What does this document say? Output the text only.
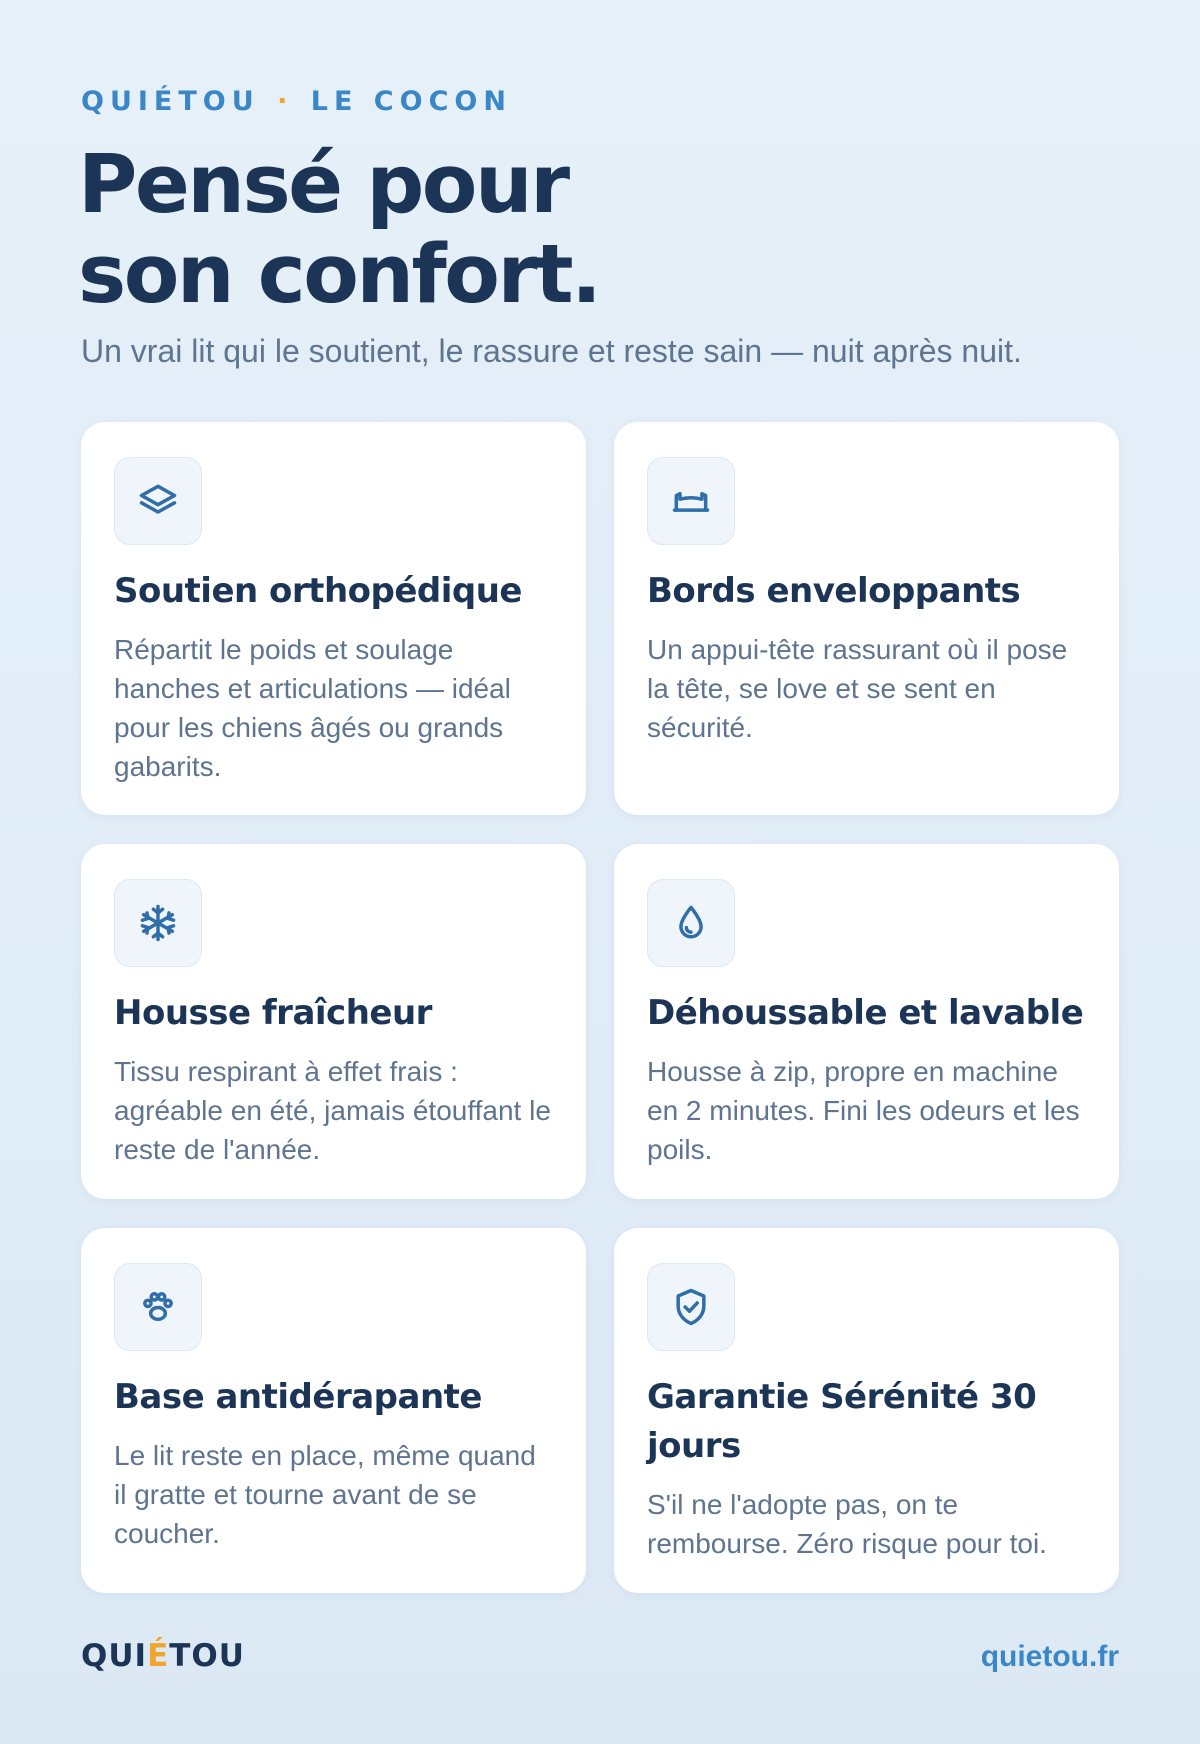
QUIÉTOU · LE COCON
Pensé pour
son confort.

Un vrai lit qui le soutient, le rassure et reste sain — nuit après nuit.

Soutien orthopédique

Répartit le poids et soulage hanches et articulations — idéal pour les chiens âgés ou grands gabarits.

Bords enveloppants

Un appui-tête rassurant où il pose la tête, se love et se sent en sécurité.

Housse fraîcheur

Tissu respirant à effet frais : agréable en été, jamais étouffant le reste de l'année.

Déhoussable et lavable

Housse à zip, propre en machine en 2 minutes. Fini les odeurs et les poils.

Base antidérapante

Le lit reste en place, même quand il gratte et tourne avant de se coucher.

Garantie Sérénité 30 jours

S'il ne l'adopte pas, on te rembourse. Zéro risque pour toi.

QUIÉTOU	quietou.fr
